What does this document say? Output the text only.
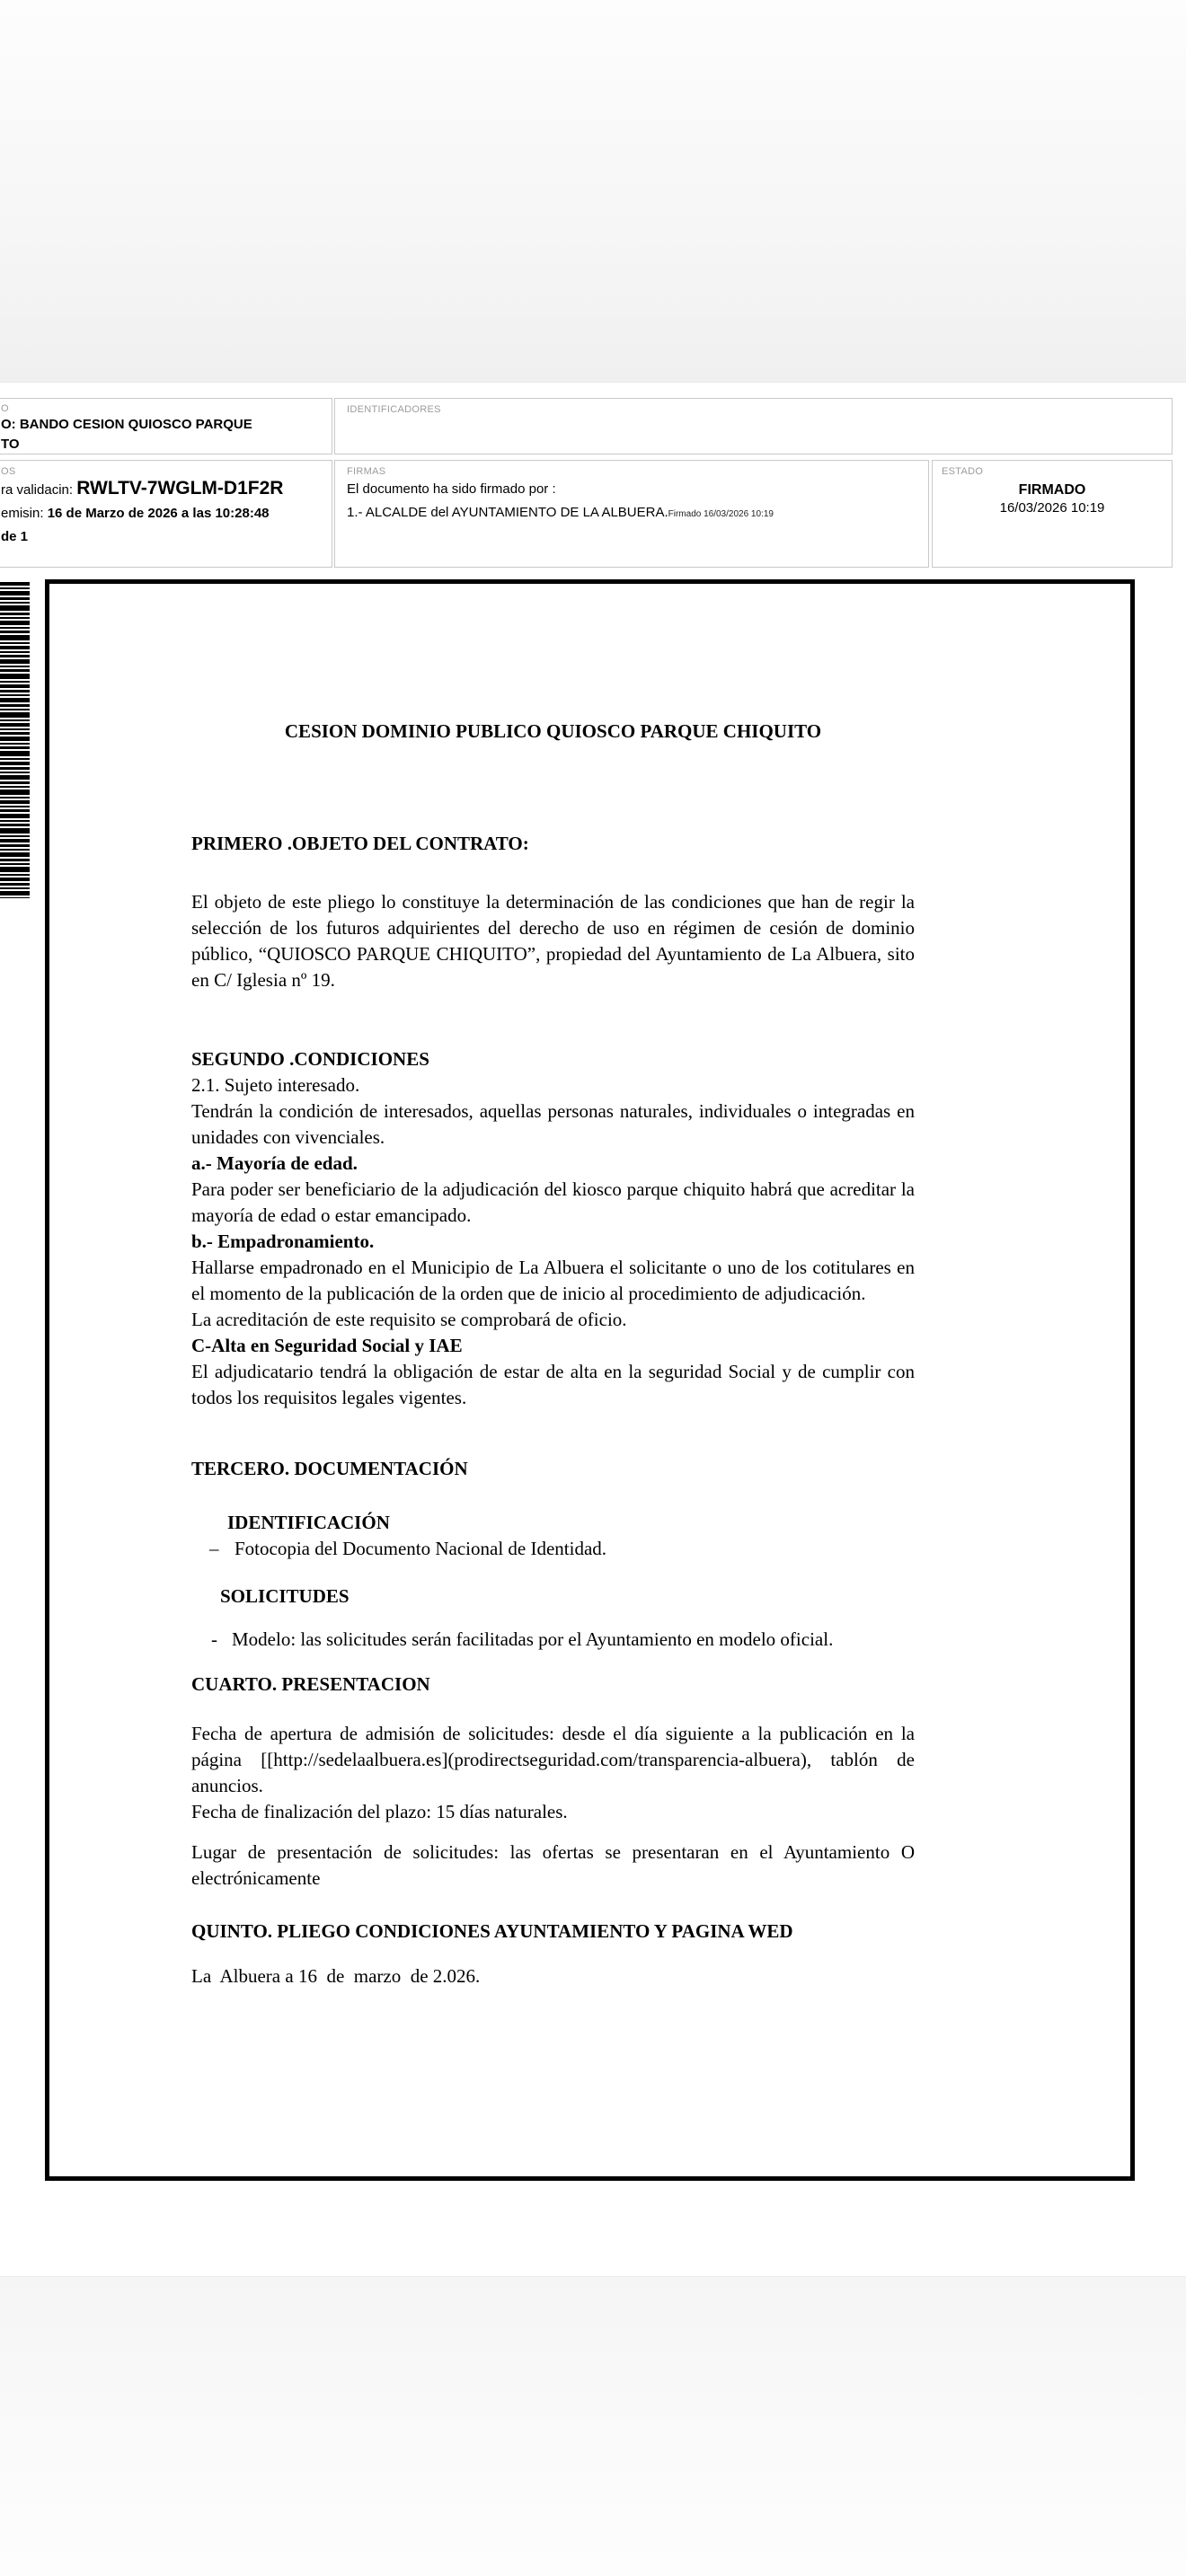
O
O: BANDO CESION QUIOSCO PARQUE
TO
OS
ra validacin: RWLTV-7WGLM-D1F2R
emisin: 16 de Marzo de 2026 a las 10:28:48
de 1
IDENTIFICADORES
FIRMAS
El documento ha sido firmado por :
1.- ALCALDE del AYUNTAMIENTO DE LA ALBUERA.Firmado 16/03/2026 10:19
ESTADO
FIRMADO
16/03/2026 10:19
CESION DOMINIO PUBLICO QUIOSCO PARQUE CHIQUITO
PRIMERO .OBJETO DEL CONTRATO:
El objeto de este pliego lo constituye la determinación de las condiciones que han de regir la selección de los futuros adquirientes del derecho de uso en régimen de cesión de dominio público, “QUIOSCO PARQUE CHIQUITO”, propiedad del Ayuntamiento de La Albuera, sito en C/ Iglesia nº 19.
SEGUNDO .CONDICIONES
2.1. Sujeto interesado.
Tendrán la condición de interesados, aquellas personas naturales, individuales o integradas en unidades con vivenciales.
a.- Mayoría de edad.
Para poder ser beneficiario de la adjudicación del kiosco parque chiquito habrá que acreditar la mayoría de edad o estar emancipado.
b.- Empadronamiento.
Hallarse empadronado en el Municipio de La Albuera el solicitante o uno de los cotitulares en el momento de la publicación de la orden que de inicio al procedimiento de adjudicación.
La acreditación de este requisito se comprobará de oficio.
C-Alta en Seguridad Social y IAE
El adjudicatario tendrá la obligación de estar de alta en la seguridad Social y de cumplir con todos los requisitos legales vigentes.
TERCERO. DOCUMENTACIÓN
IDENTIFICACIÓN
– Fotocopia del Documento Nacional de Identidad.
SOLICITUDES
- Modelo: las solicitudes serán facilitadas por el Ayuntamiento en modelo oficial.
CUARTO. PRESENTACION
Fecha de apertura de admisión de solicitudes: desde el día siguiente a la publicación en la página [[http://sedelaalbuera.es](prodirectseguridad.com/transparencia-albuera), tablón de anuncios.
Fecha de finalización del plazo: 15 días naturales.
Lugar de presentación de solicitudes: las ofertas se presentaran en el Ayuntamiento O electrónicamente
QUINTO. PLIEGO CONDICIONES AYUNTAMIENTO Y PAGINA WED
La  Albuera a 16  de  marzo  de 2.026.
